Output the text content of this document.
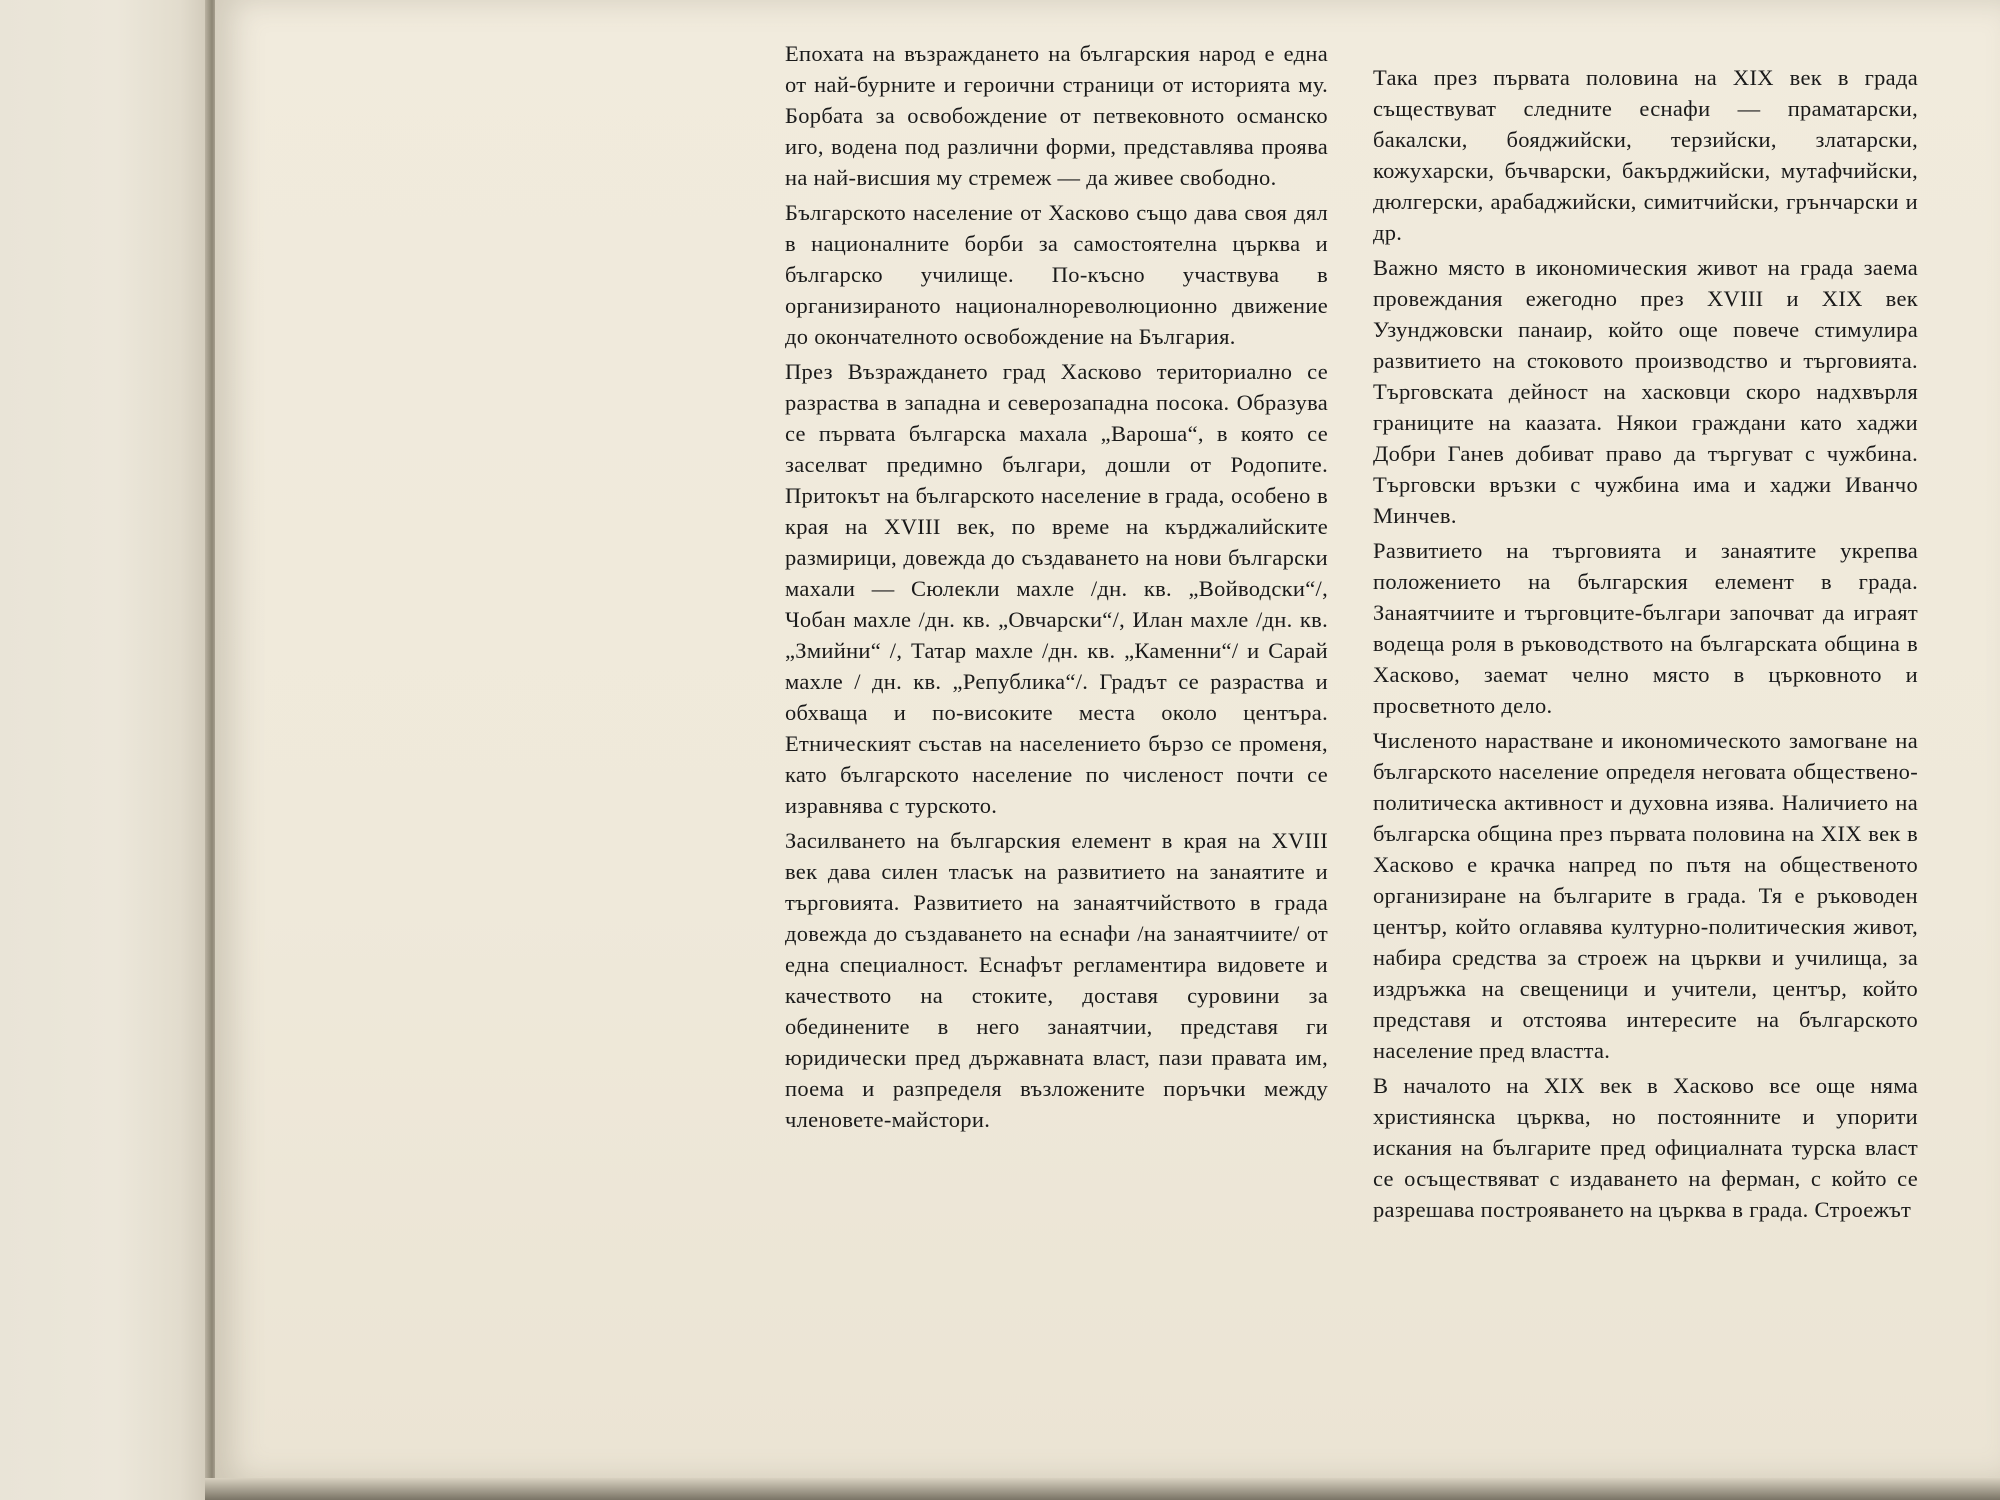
Епохата на възраждането на българския народ е една от най-бурните и героични страници от историята му. Борбата за освобождение от петвековното османско иго, водена под различни форми, представлява проява на най-висшия му стремеж — да живее свободно.

Българското население от Хасково също дава своя дял в националните борби за самостоятелна църква и българско училище. По-късно участвува в организираното националнореволюционно движение до окончателното освобождение на България.

През Възраждането град Хасково териториално се разраства в западна и северозападна посока. Образува се първата българска махала „Вароша“, в която се заселват предимно българи, дошли от Родопите. Притокът на българското население в града, особено в края на XVIII век, по време на кърджалийските размирици, довежда до създаването на нови български махали — Сюлекли махле /дн. кв. „Войводски“/, Чобан махле /дн. кв. „Овчарски“/, Илан махле /дн. кв. „Змийни“ /, Татар махле /дн. кв. „Каменни“/ и Сарай махле / дн. кв. „Република“/. Градът се разраства и обхваща и по-високите места около центъра. Етническият състав на населението бързо се променя, като българското население по численост почти се изравнява с турското.

Засилването на българския елемент в края на XVIII век дава силен тласък на развитието на занаятите и търговията. Развитието на занаятчийството в града довежда до създаването на еснафи /на занаятчиите/ от една специалност. Еснафът регламентира видовете и качеството на стоките, доставя суровини за обединените в него занаятчии, представя ги юридически пред държавната власт, пази правата им, поема и разпределя възложените поръчки между членовете-майстори.

Така през първата половина на XIX век в града съществуват следните еснафи — праматарски, бакалски, бояджийски, терзийски, златарски, кожухарски, бъчварски, бакърджийски, мутафчийски, дюлгерски, арабаджийски, симитчийски, грънчарски и др.

Важно място в икономическия живот на града заема провеждания ежегодно през XVIII и XIX век Узунджовски панаир, който още повече стимулира развитието на стоковото производство и търговията. Търговската дейност на хасковци скоро надхвърля границите на каазата. Някои граждани като хаджи Добри Ганев добиват право да търгуват с чужбина. Търговски връзки с чужбина има и хаджи Иванчо Минчев.

Развитието на търговията и занаятите укрепва положението на българския елемент в града. Занаятчиите и търговците-българи започват да играят водеща роля в ръководството на българската община в Хасково, заемат челно място в църковното и просветното дело.

Численото нарастване и икономическото замогване на българското население определя неговата обществено-политическа активност и духовна изява. Наличието на българска община през първата половина на XIX век в Хасково е крачка напред по пътя на общественото организиране на българите в града. Тя е ръководен център, който оглавява културно-политическия живот, набира средства за строеж на църкви и училища, за издръжка на свещеници и учители, център, който представя и отстоява интересите на българското население пред властта.

В началото на XIX век в Хасково все още няма християнска църква, но постоянните и упорити искания на българите пред официалната турска власт се осъществяват с издаването на ферман, с който се разрешава построяването на църква в града. Строежът
